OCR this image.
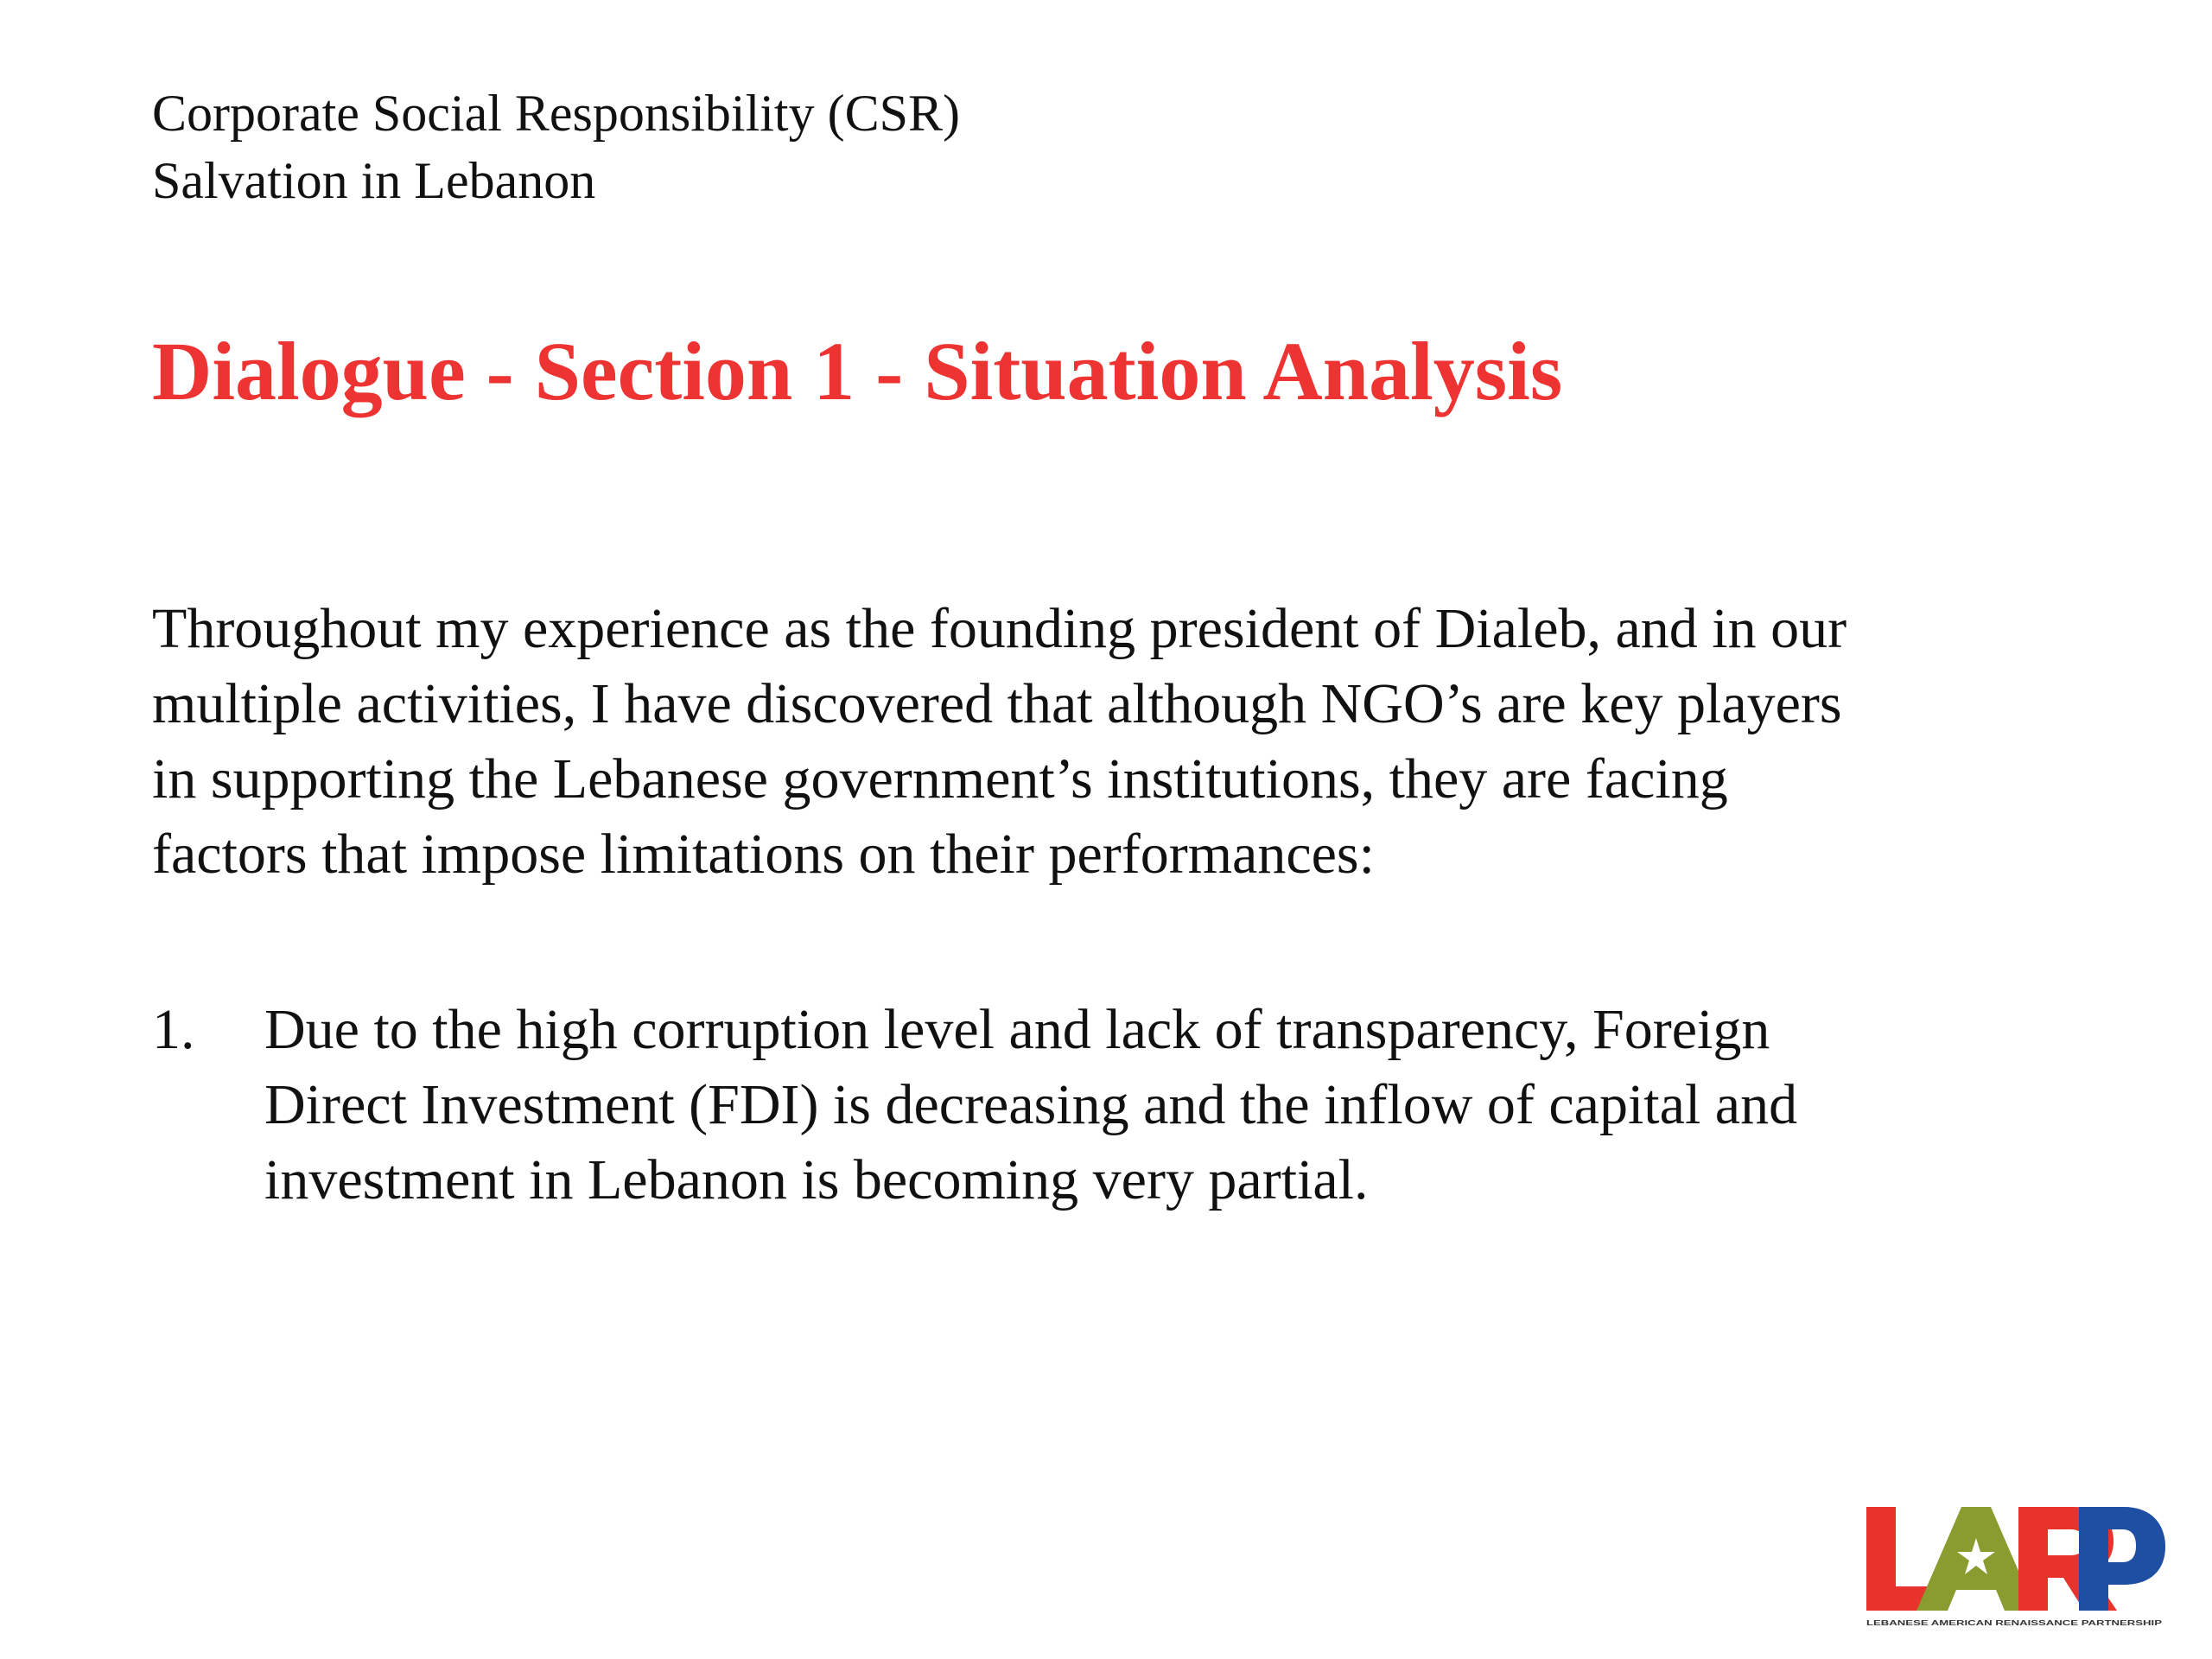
Corporate Social Responsibility (CSR)
Salvation in Lebanon
Dialogue - Section 1 - Situation Analysis
Throughout my experience as the founding president of Dialeb, and in our
multiple activities, I have discovered that although NGO’s are key players
in supporting the Lebanese government’s institutions, they are facing
factors that impose limitations on their performances:
1. Due to the high corruption level and lack of transparency, Foreign
Direct Investment (FDI) is decreasing and the inflow of capital and
investment in Lebanon is becoming very partial.
LEBANESE AMERICAN RENAISSANCE PARTNERSHIP
